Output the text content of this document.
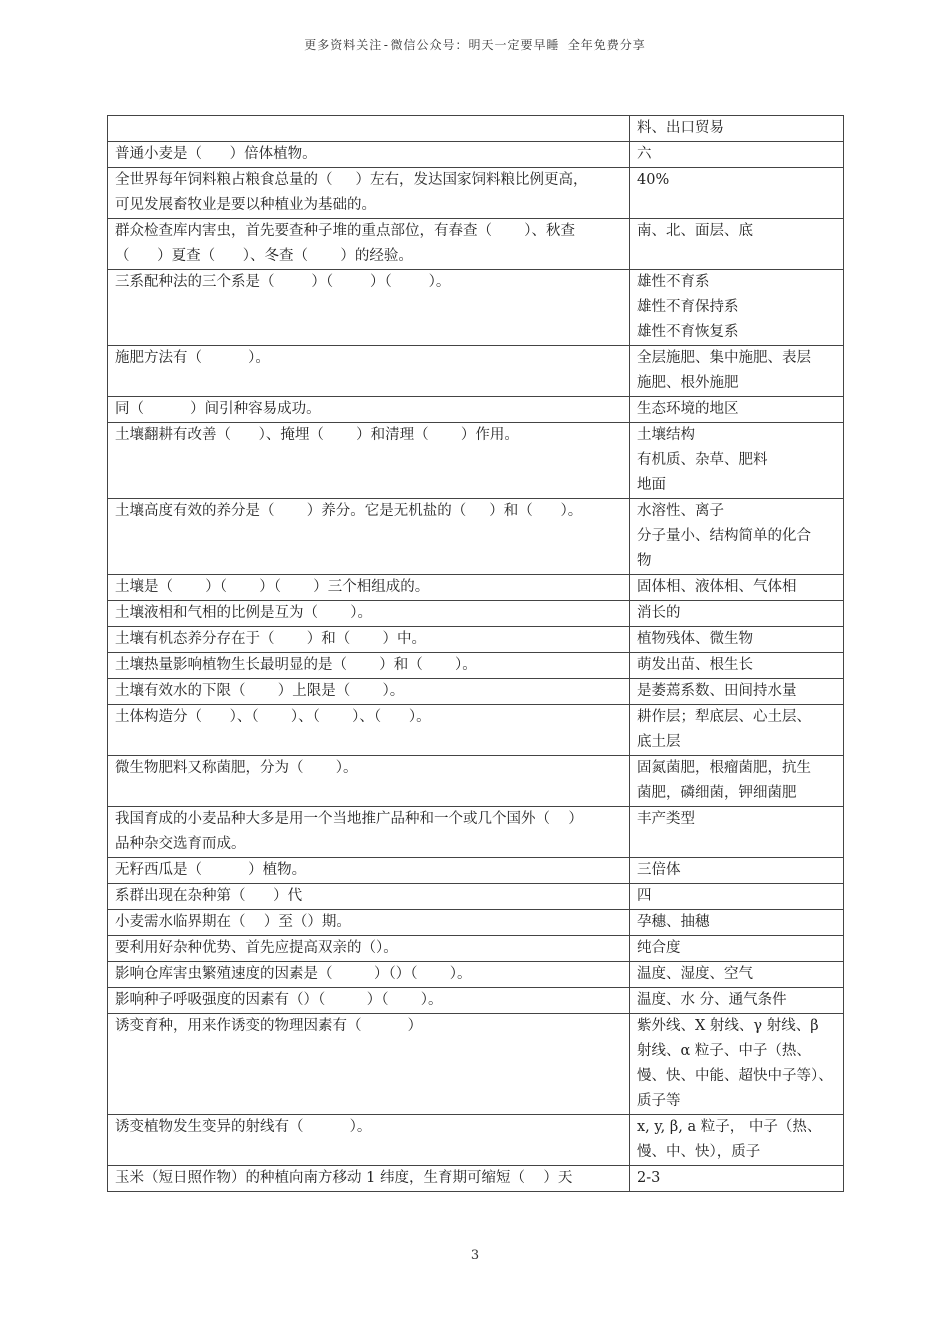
更多资料关注-微信公众号：明天一定要早睡 全年免费分享
	料、出口贸易
普通小麦是（      ）倍体植物。	六
全世界每年饲料粮占粮食总量的（     ）左右，发达国家饲料粮比例更高，
可见发展畜牧业是要以种植业为基础的。	40%
群众检查库内害虫，首先要查种子堆的重点部位，有春查（       ）、秋查
（      ）夏查（      ）、冬查（       ）的经验。	南、北、面层、底
三系配种法的三个系是（        ）（        ）（        ）。	雄性不育系
雄性不育保持系
雄性不育恢复系
施肥方法有（          ）。	全层施肥、集中施肥、表层
施肥、根外施肥
同（          ）间引种容易成功。	生态环境的地区
土壤翻耕有改善（      ）、掩埋（       ）和清理（       ）作用。	土壤结构
有机质、杂草、肥料
地面
土壤高度有效的养分是（       ）养分。它是无机盐的（     ）和（      ）。	水溶性、离子
分子量小、结构简单的化合
物
土壤是（       ）（       ）（       ）三个相组成的。	固体相、液体相、气体相
土壤液相和气相的比例是互为（       ）。	消长的
土壤有机态养分存在于（       ）和（       ）中。	植物残体、微生物
土壤热量影响植物生长最明显的是（       ）和（       ）。	萌发出苗、根生长
土壤有效水的下限（       ）上限是（       ）。	是萎蔫系数、田间持水量
土体构造分（      ）、（       ）、（       ）、（      ）。	耕作层；犁底层、心土层、
底土层
微生物肥料又称菌肥，分为（       ）。	固氮菌肥，根瘤菌肥，抗生
菌肥，磷细菌，钾细菌肥
我国育成的小麦品种大多是用一个当地推广品种和一个或几个国外（    ）
品种杂交选育而成。	丰产类型
无籽西瓜是（          ）植物。	三倍体
系群出现在杂种第（      ）代	四
小麦需水临界期在（    ）至（）期。	孕穗、抽穗
要利用好杂种优势、首先应提高双亲的（）。	纯合度
影响仓库害虫繁殖速度的因素是（         ）（）（       ）。	温度、湿度、空气
影响种子呼吸强度的因素有（）（         ）（       ）。	温度、水 分、通气条件
诱变育种，用来作诱变的物理因素有（          ）	紫外线、X 射线、γ 射线、β
射线、α 粒子、中子（热、
慢、快、中能、超快中子等）、
质子等
诱变植物发生变异的射线有（          ）。	x, y, β, a 粒子， 中子（热、
慢、中、快），质子
玉米（短日照作物）的种植向南方移动 1 纬度，生育期可缩短（    ）天	2-3
3
